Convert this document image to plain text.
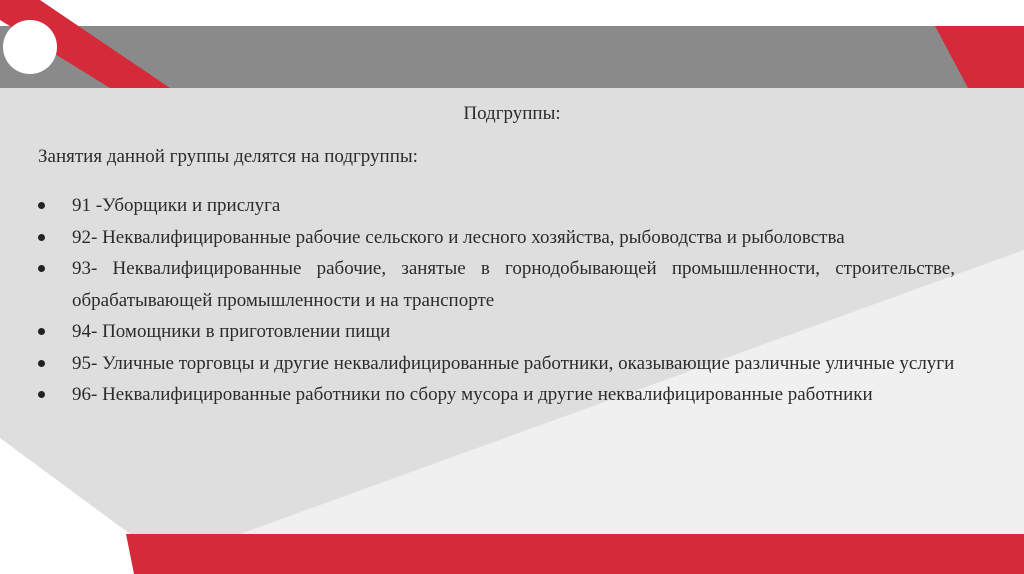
Подгруппы:
Занятия данной группы делятся на подгруппы:
91 -Уборщики и прислуга
92- Неквалифицированные рабочие сельского и лесного хозяйства, рыбоводства и рыболовства
93- Неквалифицированные рабочие, занятые в горнодобывающей промышленности, строительстве, обрабатывающей промышленности и на транспорте
94- Помощники в приготовлении пищи
95- Уличные торговцы и другие неквалифицированные работники, оказывающие различные уличные услуги
96- Неквалифицированные работники по сбору мусора и другие неквалифицированные работники
